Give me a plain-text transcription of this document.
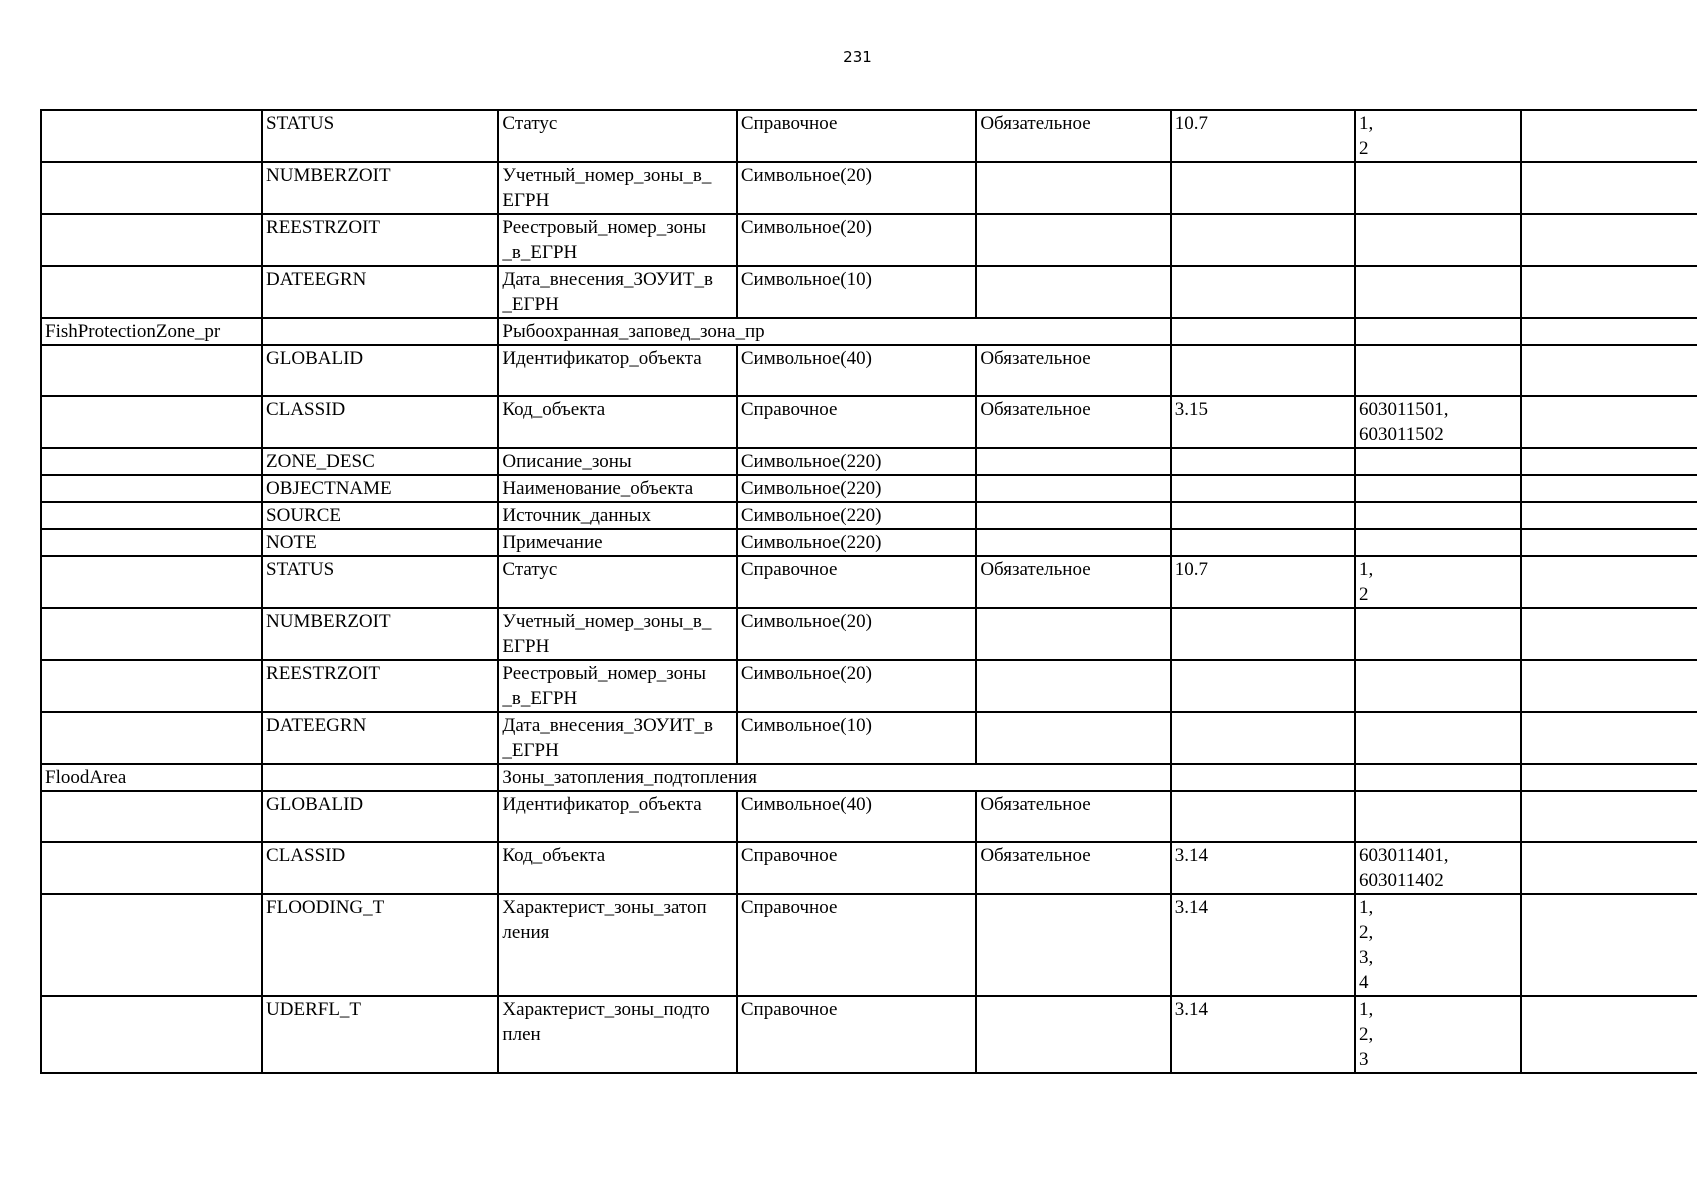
231
	STATUS	Статус	Справочное	Обязательное	10.7	1,
2	
	NUMBERZOIT	Учетный_номер_зоны_в_
ЕГРН	Символьное(20)				
	REESTRZOIT	Реестровый_номер_зоны
_в_ЕГРН	Символьное(20)				
	DATEEGRN	Дата_внесения_ЗОУИТ_в
_ЕГРН	Символьное(10)				
FishProtectionZone_pr		Рыбоохранная_заповед_зона_пр					
	GLOBALID	Идентификатор_объекта	Символьное(40)	Обязательное			
	CLASSID	Код_объекта	Справочное	Обязательное	3.15	603011501,
603011502	
	ZONE_DESC	Описание_зоны	Символьное(220)				
	OBJECTNAME	Наименование_объекта	Символьное(220)				
	SOURCE	Источник_данных	Символьное(220)				
	NOTE	Примечание	Символьное(220)				
	STATUS	Статус	Справочное	Обязательное	10.7	1,
2	
	NUMBERZOIT	Учетный_номер_зоны_в_
ЕГРН	Символьное(20)				
	REESTRZOIT	Реестровый_номер_зоны
_в_ЕГРН	Символьное(20)				
	DATEEGRN	Дата_внесения_ЗОУИТ_в
_ЕГРН	Символьное(10)				
FloodArea		Зоны_затопления_подтопления					
	GLOBALID	Идентификатор_объекта	Символьное(40)	Обязательное			
	CLASSID	Код_объекта	Справочное	Обязательное	3.14	603011401,
603011402	
	FLOODING_T	Характерист_зоны_затоп
ления	Справочное		3.14	1,
2,
3,
4	
	UDERFL_T	Характерист_зоны_подто
плен	Справочное		3.14	1,
2,
3	
